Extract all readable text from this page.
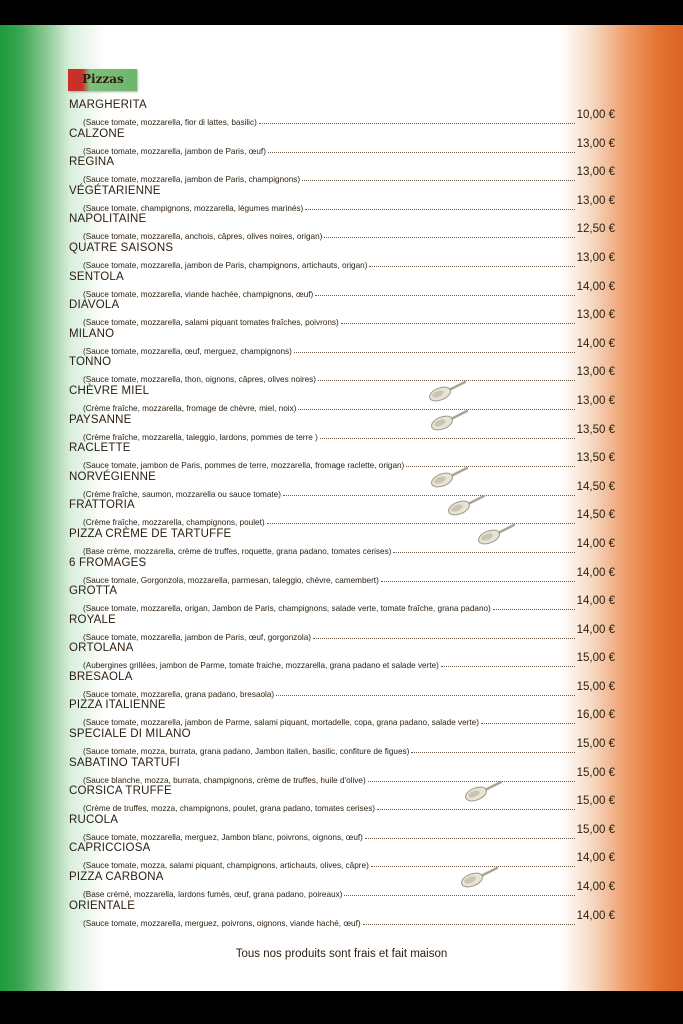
Pizzas
MARGHERITA
(Sauce tomate, mozzarella, fior di lattes, basilic)
10,00 €
CALZONE
(Sauce tomate, mozzarella, jambon de Paris, œuf)
13,00 €
REGINA
(Sauce tomate, mozzarella, jambon de Paris, champignons)
13,00 €
VÉGÉTARIENNE
(Sauce tomate, champignons, mozzarella, légumes marinés)
13,00 €
NAPOLITAINE
(Sauce tomate, mozzarella, anchois, câpres, olives noires, origan)
12,50 €
QUATRE SAISONS
(Sauce tomate, mozzarella, jambon de Paris, champignons, artichauts, origan)
13,00 €
SENTOLA
(Sauce tomate, mozzarella, viande hachée, champignons, œuf)
14,00 €
DIAVOLA
(Sauce tomate, mozzarella, salami piquant tomates fraîches, poivrons)
13,00 €
MILANO
(Sauce tomate, mozzarella, œuf, merguez, champignons)
14,00 €
TONNO
(Sauce tomate, mozzarella, thon, oignons, câpres, olives noires)
13,00 €
CHÈVRE MIEL
(Crème fraîche, mozzarella, fromage de chèvre, miel, noix)
13,00 €
PAYSANNE
(Crème fraîche, mozzarella, taleggio, lardons, pommes de terre )
13,50 €
RACLETTE
(Sauce tomate, jambon de Paris, pommes de terre, mozzarella, fromage raclette, origan)
13,50 €
NORVÉGIENNE
(Crème fraîche, saumon, mozzarella ou sauce tomate)
14,50 €
FRATTORIA
(Crème fraîche, mozzarella, champignons, poulet)
14,50 €
PIZZA CRÈME DE TARTUFFE
(Base crème, mozzarella, crème de truffes, roquette, grana padano, tomates cerises)
14,00 €
6 FROMAGES
(Sauce tomate, Gorgonzola, mozzarella, parmesan, taleggio, chèvre, camembert)
14,00 €
GROTTA
(Sauce tomate, mozzarella, origan, Jambon de Paris, champignons, salade verte, tomate fraîche, grana padano)
14,00 €
ROYALE
(Sauce tomate, mozzarella, jambon de Paris, œuf, gorgonzola)
14,00 €
ORTOLANA
(Aubergines grillées, jambon de Parme, tomate fraiche, mozzarella, grana padano et salade verte)
15,00 €
BRESAOLA
(Sauce tomate, mozzarella, grana padano, bresaola)
15,00 €
PIZZA ITALIENNE
(Sauce tomate, mozzarella, jambon de Parme, salami piquant, mortadelle, copa, grana padano, salade verte)
16,00 €
SPECIALE DI MILANO
(Sauce tomate, mozza, burrata, grana padano, Jambon italien, basilic, confiture de figues)
15,00 €
SABATINO TARTUFI
(Sauce blanche, mozza, burrata, champignons, crème de truffes, huile d'olive)
15,00 €
CORSICA TRUFFE
(Crème de truffes, mozza, champignons, poulet, grana padano, tomates cerises)
15,00 €
RUCOLA
(Sauce tomate, mozzarella, merguez, Jambon blanc, poivrons, oignons, œuf)
15,00 €
CAPRICCIOSA
(Sauce tomate, mozza, salami piquant, champignons, artichauts, olives, câpre)
14,00 €
PIZZA CARBONA
(Base crémé, mozzarella, lardons fumés, œuf, grana padano, poireaux)
14,00 €
ORIENTALE
(Sauce tomate, mozzarella, merguez, poivrons, oignons, viande haché, œuf)
14,00 €
Tous nos produits sont frais et fait maison
